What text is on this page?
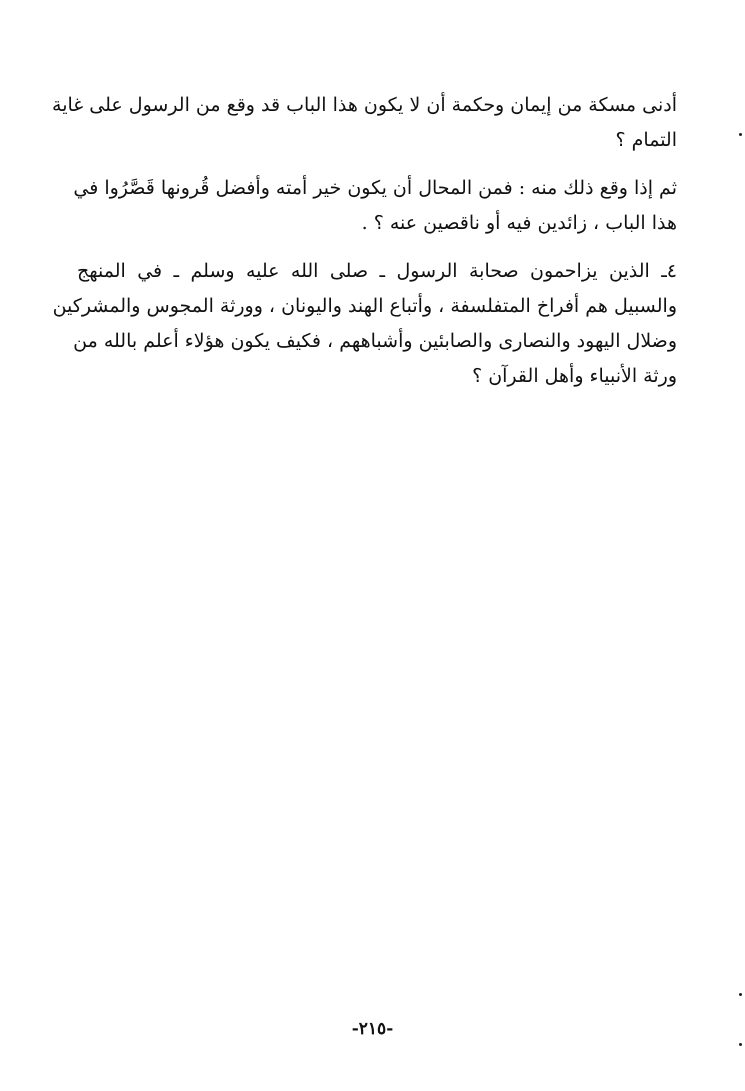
أدنى مسكة من إيمان وحكمة أن لا يكون هذا الباب قد وقع من الرسول على غاية
التمام ؟
ثم إذا وقع ذلك منه : فمن المحال أن يكون خير أمته وأفضل قُرونها قَصَّرُوا في
هذا الباب ، زائدين فيه أو ناقصين عنه ؟ .
٤ـ الذين يزاحمون صحابة الرسول ـ صلى الله عليه وسلم ـ في المنهج
والسبيل هم أفراخ المتفلسفة ، وأتباع الهند واليونان ، وورثة المجوس والمشركين
وضلال اليهود والنصارى والصابئين وأشباههم ، فكيف يكون هؤلاء أعلم بالله من
ورثة الأنبياء وأهل القرآن ؟
-٢١٥-
